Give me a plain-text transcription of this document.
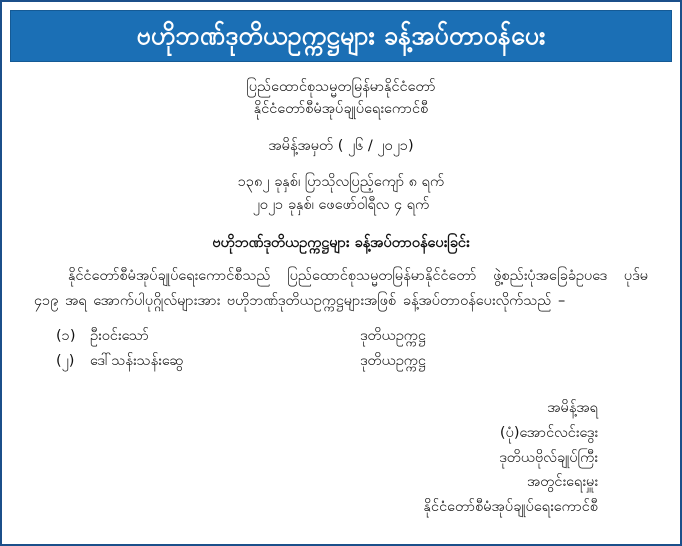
ဗဟိုဘဏ်ဒုတိယဥက္ကဋ္ဌများ ခန့်အပ်တာဝန်ပေး
ပြည်ထောင်စုသမ္မတမြန်မာနိုင်ငံတော်
နိုင်ငံတော်စီမံအုပ်ချုပ်ရေးကောင်စီ
အမိန့်အမှတ် ( ၂၆ / ၂၀၂၁)
၁၃၈၂ ခုနှစ်၊ ပြာသိုလပြည့်ကျော် ၈ ရက်
၂၀၂၁ ခုနှစ်၊ ဖေဖော်ဝါရီလ ၄ ရက်
ဗဟိုဘဏ်ဒုတိယဥက္ကဋ္ဌများ ခန့်အပ်တာဝန်ပေးခြင်း
နိုင်ငံတော်စီမံအုပ်ချုပ်ရေးကောင်စီသည် ပြည်ထောင်စုသမ္မတမြန်မာနိုင်ငံတော် ဖွဲ့စည်းပုံအခြေခံဥပဒေ ပုဒ်မ ၄၁၉ အရ အောက်ပါပုဂ္ဂိုလ်များအား ဗဟိုဘဏ်ဒုတိယဥက္ကဋ္ဌများအဖြစ် ခန့်အပ်တာဝန်ပေးလိုက်သည် –
(၁)	ဦးဝင်းသော်	ဒုတိယဥက္ကဋ္ဌ
(၂)	ဒေါ်သန်းသန်းဆွေ	ဒုတိယဥက္ကဋ္ဌ
အမိန့်အရ
(ပုံ)အောင်လင်းဒွေး
ဒုတိယဗိုလ်ချုပ်ကြီး
အတွင်းရေးမှူး
နိုင်ငံတော်စီမံအုပ်ချုပ်ရေးကောင်စီ
